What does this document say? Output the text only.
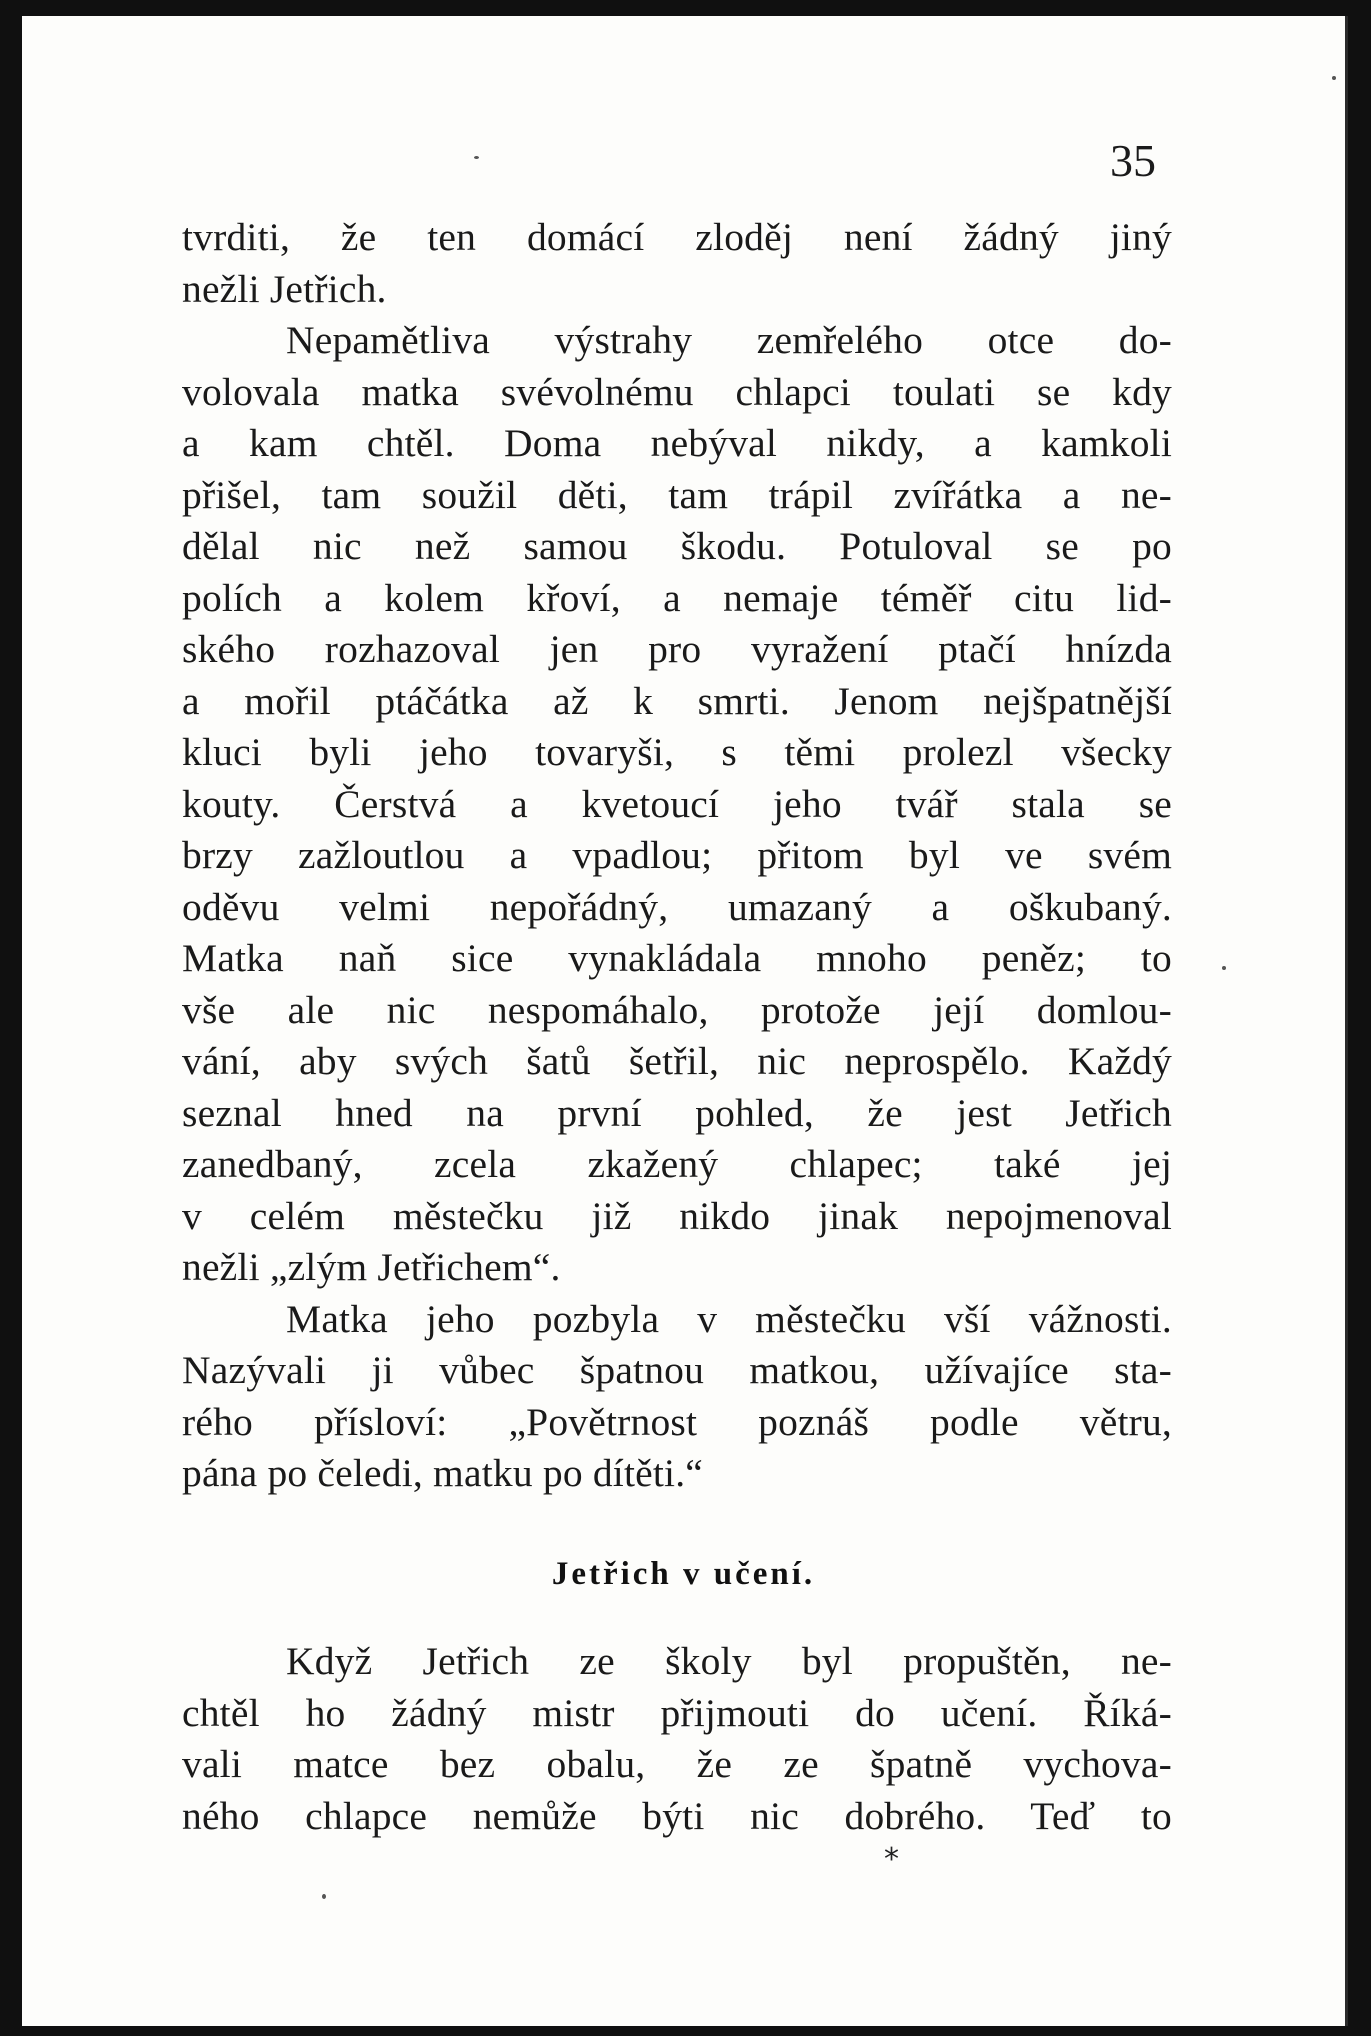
35
tvrditi, že ten domácí zloděj není žádný jiný
nežli Jetřich.
Nepamětliva výstrahy zemřelého otce do-
volovala matka svévolnému chlapci toulati se kdy
a kam chtěl. Doma nebýval nikdy, a kamkoli
přišel, tam soužil děti, tam trápil zvířátka a ne-
dělal nic než samou škodu. Potuloval se po
polích a kolem křoví, a nemaje téměř citu lid-
ského rozhazoval jen pro vyražení ptačí hnízda
a mořil ptáčátka až k smrti. Jenom nejšpatnější
kluci byli jeho tovaryši, s těmi prolezl všecky
kouty. Čerstvá a kvetoucí jeho tvář stala se
brzy zažloutlou a vpadlou; přitom byl ve svém
oděvu velmi nepořádný, umazaný a oškubaný.
Matka naň sice vynakládala mnoho peněz; to
vše ale nic nespomáhalo, protože její domlou-
vání, aby svých šatů šetřil, nic neprospělo. Každý
seznal hned na první pohled, že jest Jetřich
zanedbaný, zcela zkažený chlapec; také jej
v celém městečku již nikdo jinak nepojmenoval
nežli „zlým Jetřichem“.
Matka jeho pozbyla v městečku vší vážnosti.
Nazývali ji vůbec špatnou matkou, užívajíce sta-
rého přísloví: „Povětrnost poznáš podle větru,
pána po čeledi, matku po dítěti.“
Jetřich v učení.
Když Jetřich ze školy byl propuštěn, ne-
chtěl ho žádný mistr přijmouti do učení. Říká-
vali matce bez obalu, že ze špatně vychova-
ného chlapce nemůže býti nic dobrého. Teď to
*
